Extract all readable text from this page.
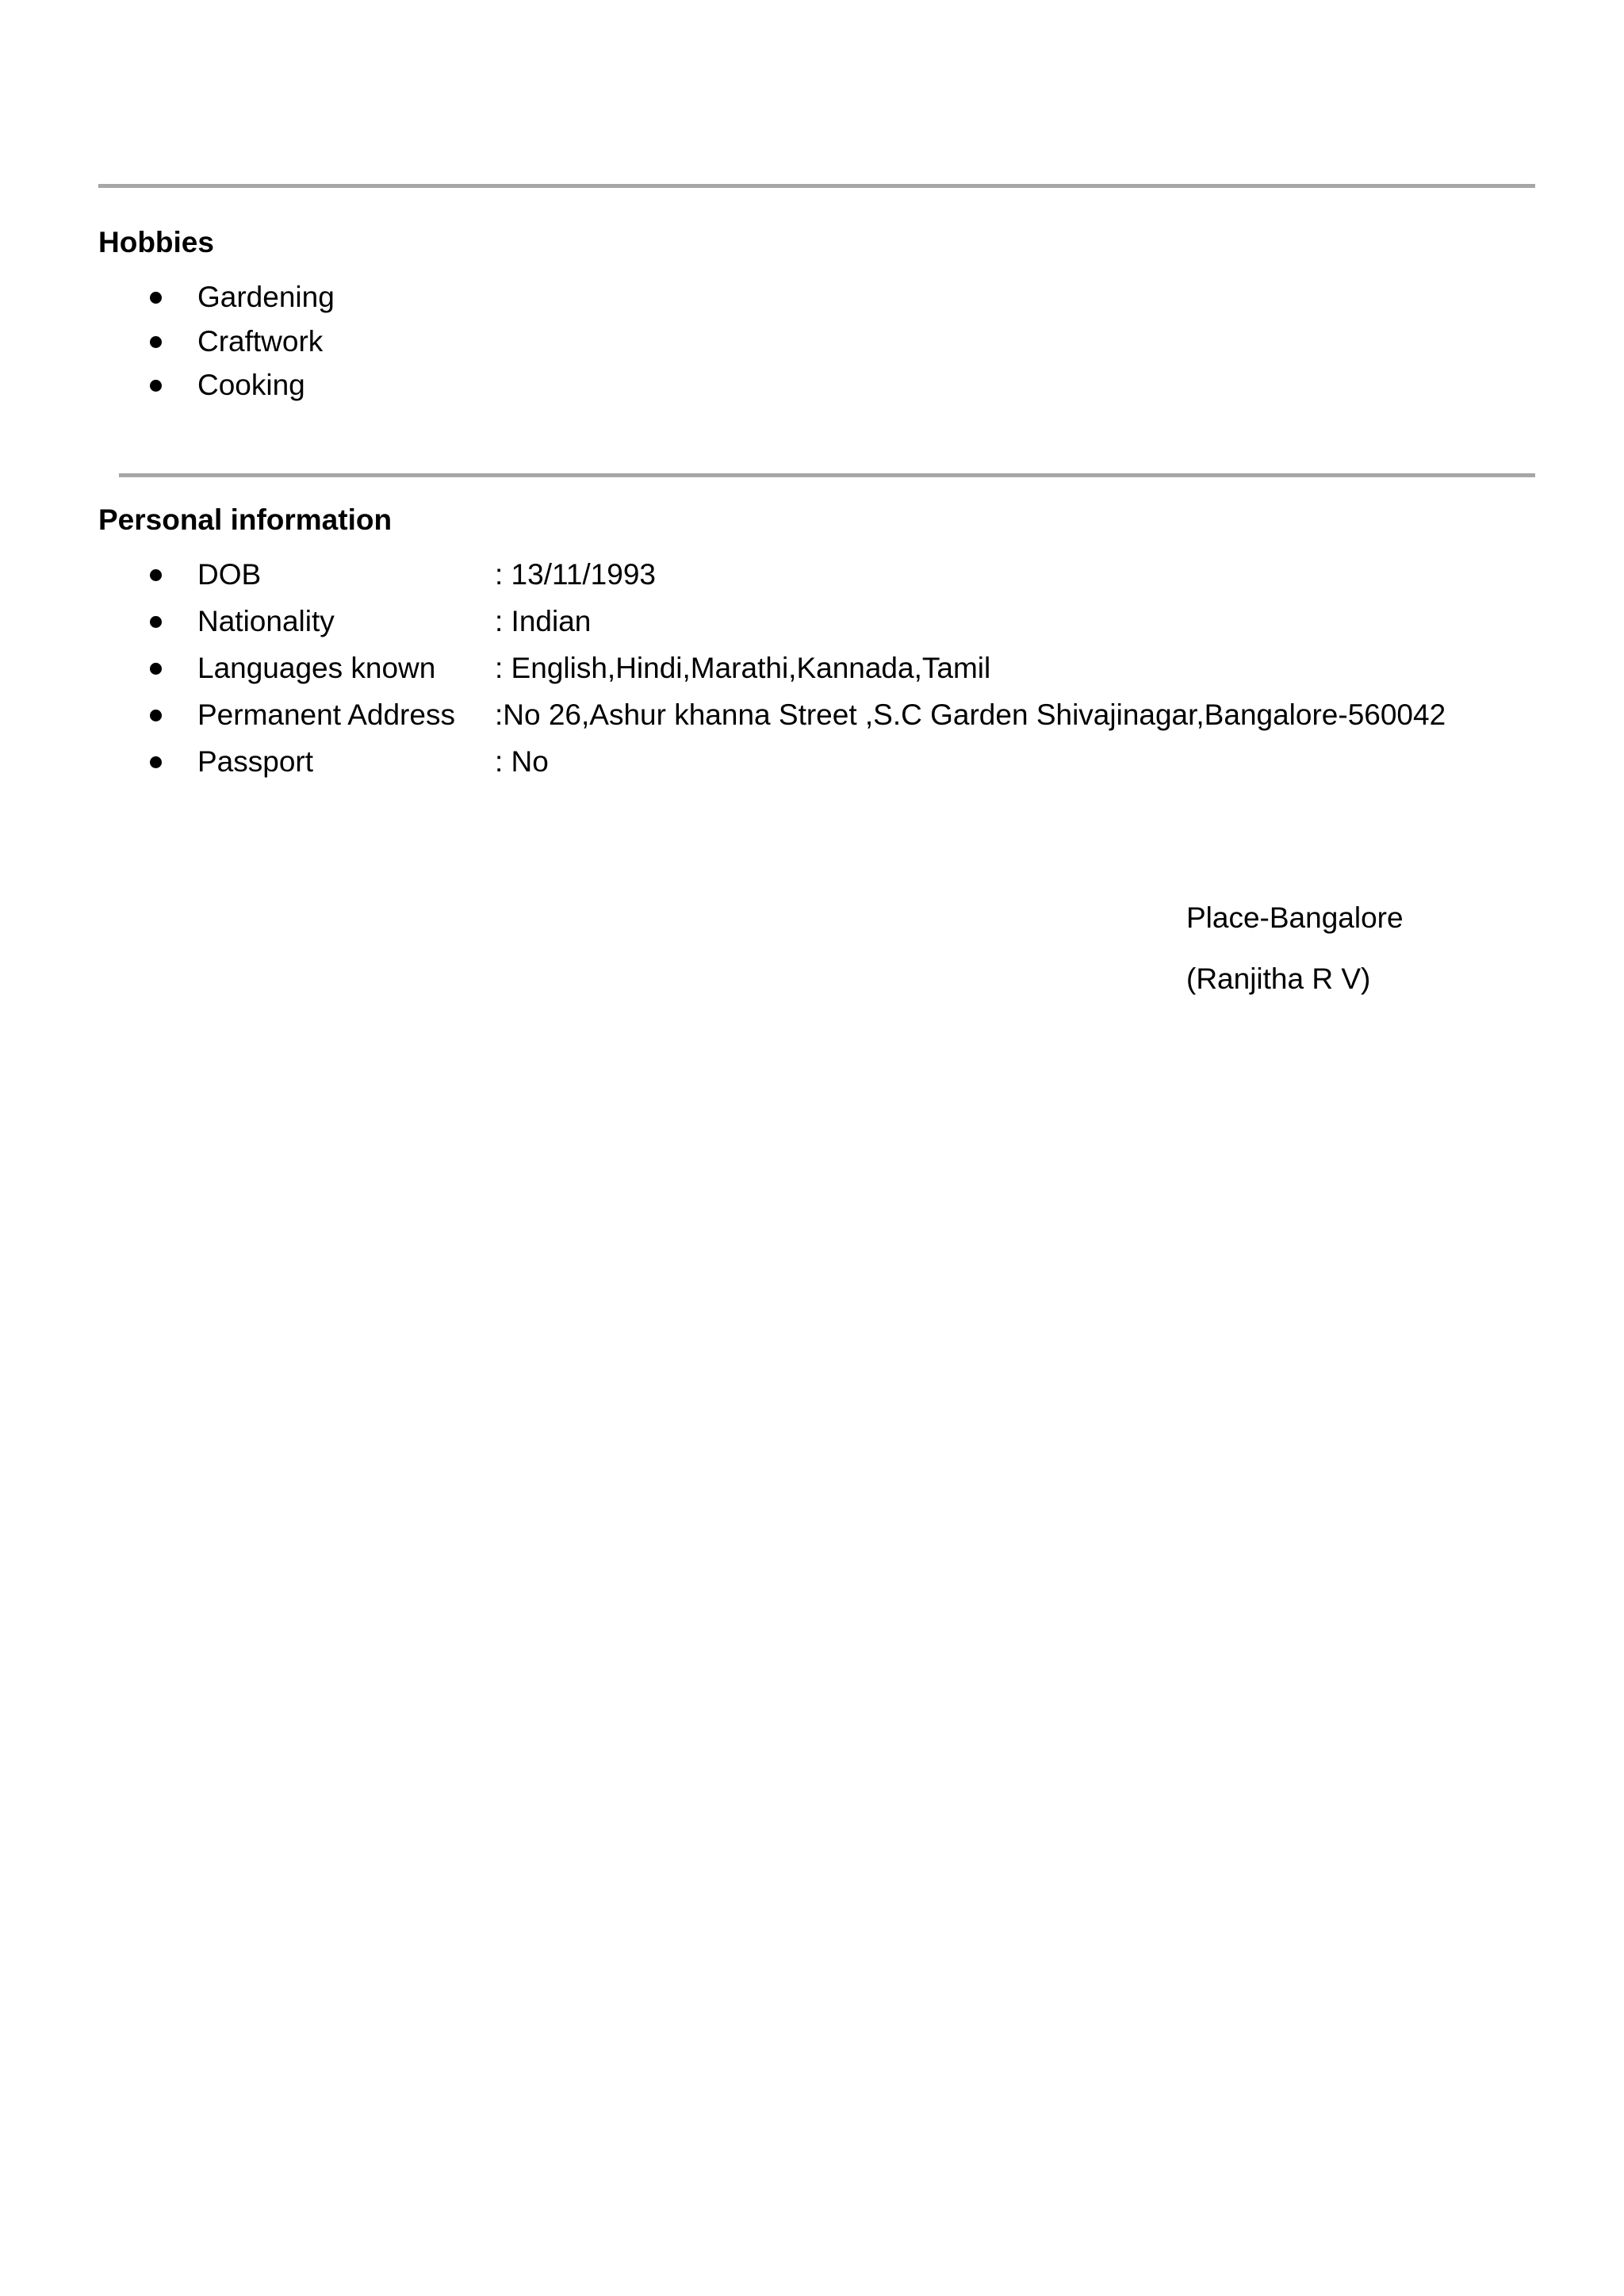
Hobbies
Gardening
Craftwork
Cooking
Personal information
DOB	: 13/11/1993
Nationality	: Indian
Languages known : English,Hindi,Marathi,Kannada,Tamil
Permanent Address :No 26,Ashur khanna Street ,S.C Garden Shivajinagar,Bangalore-560042
Passport	: No
Place-Bangalore
(Ranjitha R V)
